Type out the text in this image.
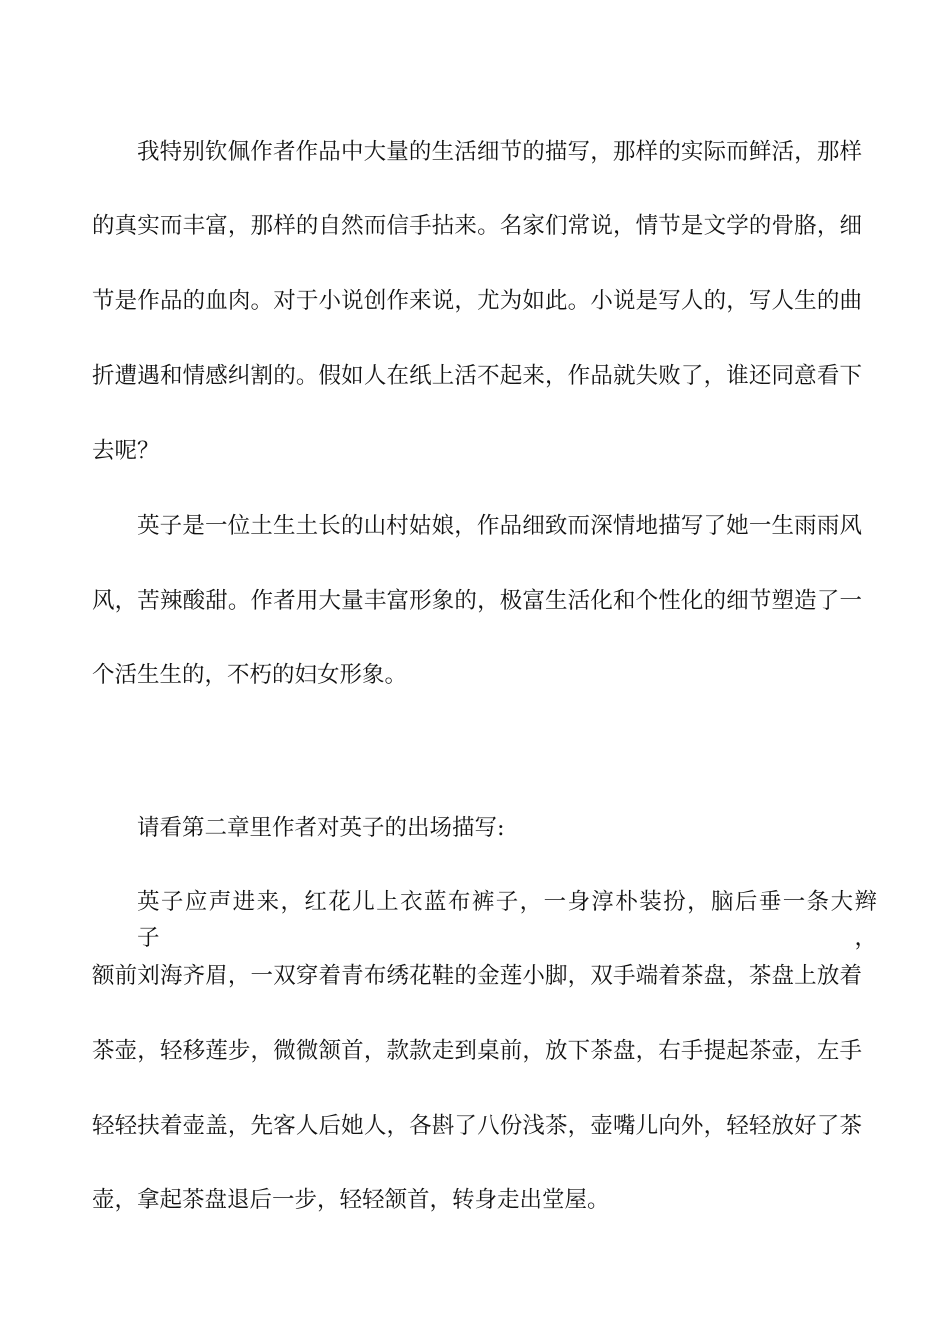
我特别钦佩作者作品中大量的生活细节的描写，那样的实际而鲜活，那样
的真实而丰富，那样的自然而信手拈来。名家们常说，情节是文学的骨胳，细
节是作品的血肉。对于小说创作来说，尤为如此。小说是写人的，写人生的曲
折遭遇和情感纠割的。假如人在纸上活不起来，作品就失败了，谁还同意看下
去呢？
英子是一位土生土长的山村姑娘，作品细致而深情地描写了她一生雨雨风
风，苦辣酸甜。作者用大量丰富形象的，极富生活化和个性化的细节塑造了一
个活生生的，不朽的妇女形象。
请看第二章里作者对英子的出场描写:
英子应声进来，红花儿上衣蓝布裤子，一身淳朴装扮，脑后垂一条大辫子，
额前刘海齐眉，一双穿着青布绣花鞋的金莲小脚，双手端着茶盘，茶盘上放着
茶壶，轻移莲步，微微颔首，款款走到桌前，放下茶盘，右手提起茶壶，左手
轻轻扶着壶盖，先客人后她人，各斟了八份浅茶，壶嘴儿向外，轻轻放好了茶
壶，拿起茶盘退后一步，轻轻颔首，转身走出堂屋。
